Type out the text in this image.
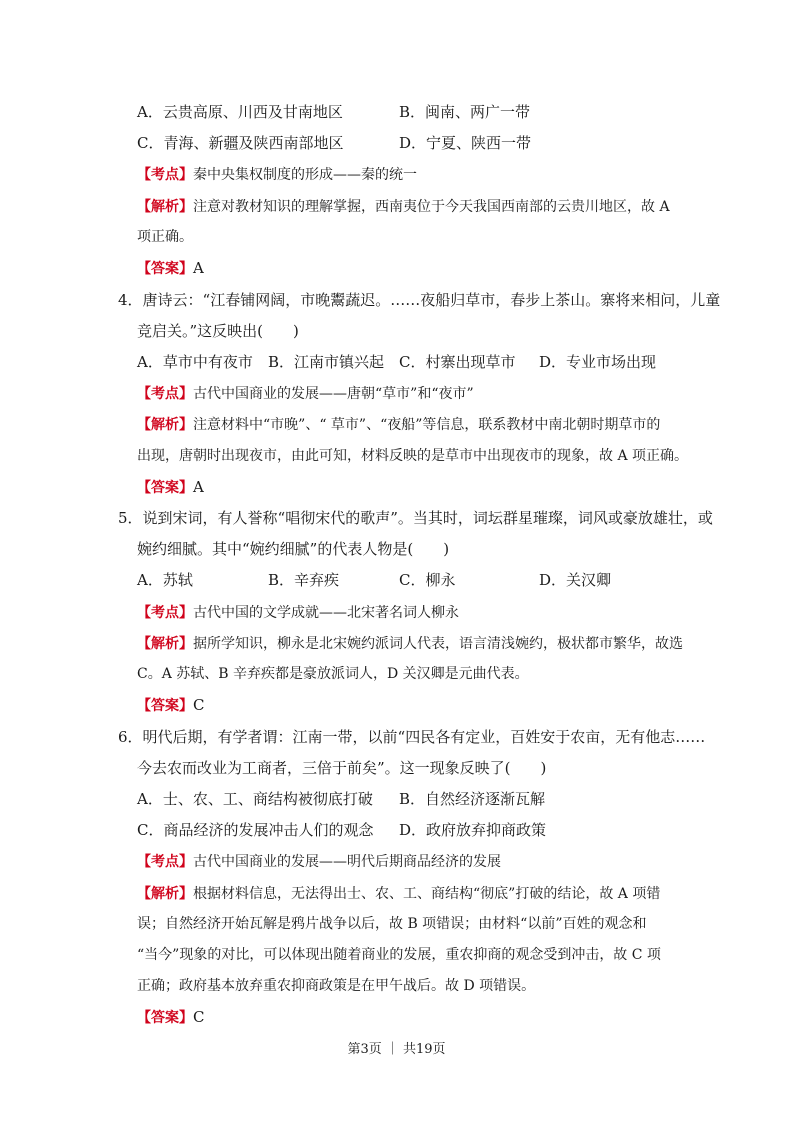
A．云贵高原、川西及甘南地区	B．闽南、两广一带
C．青海、新疆及陕西南部地区	D．宁夏、陕西一带
【考点】秦中央集权制度的形成——秦的统一
【解析】注意对教材知识的理解掌握，西南夷位于今天我国西南部的云贵川地区，故 A
项正确。
【答案】A
4．唐诗云：“江春铺网阔，市晚鬻蔬迟。……夜船归草市，春步上茶山。寨将来相问，儿童
竞启关。”这反映出(　　)
A．草市中有夜市 B．江南市镇兴起 C．村寨出现草市 D．专业市场出现
【考点】古代中国商业的发展——唐朝“草市”和“夜市”
【解析】注意材料中“市晚”、“ 草市”、“夜船”等信息，联系教材中南北朝时期草市的
出现，唐朝时出现夜市，由此可知，材料反映的是草市中出现夜市的现象，故 A 项正确。
【答案】A
5．说到宋词，有人誉称“唱彻宋代的歌声”。当其时，词坛群星璀璨，词风或豪放雄壮，或
婉约细腻。其中“婉约细腻”的代表人物是(　　)
A．苏轼	B．辛弃疾	C．柳永	D．关汉卿
【考点】古代中国的文学成就——北宋著名词人柳永
【解析】据所学知识，柳永是北宋婉约派词人代表，语言清浅婉约，极状都市繁华，故选
C。A 苏轼、B 辛弃疾都是豪放派词人，D 关汉卿是元曲代表。
【答案】C
6．明代后期，有学者谓：江南一带，以前“四民各有定业，百姓安于农亩，无有他志……
今去农而改业为工商者，三倍于前矣”。这一现象反映了(　　)
A．士、农、工、商结构被彻底打破 B．自然经济逐渐瓦解
C．商品经济的发展冲击人们的观念 D．政府放弃抑商政策
【考点】古代中国商业的发展——明代后期商品经济的发展
【解析】根据材料信息，无法得出士、农、工、商结构“彻底”打破的结论，故 A 项错
误；自然经济开始瓦解是鸦片战争以后，故 B 项错误；由材料“以前”百姓的观念和
“当今”现象的对比，可以体现出随着商业的发展，重农抑商的观念受到冲击，故 C 项
正确；政府基本放弃重农抑商政策是在甲午战后。故 D 项错误。
【答案】C
第3页 ｜ 共19页
